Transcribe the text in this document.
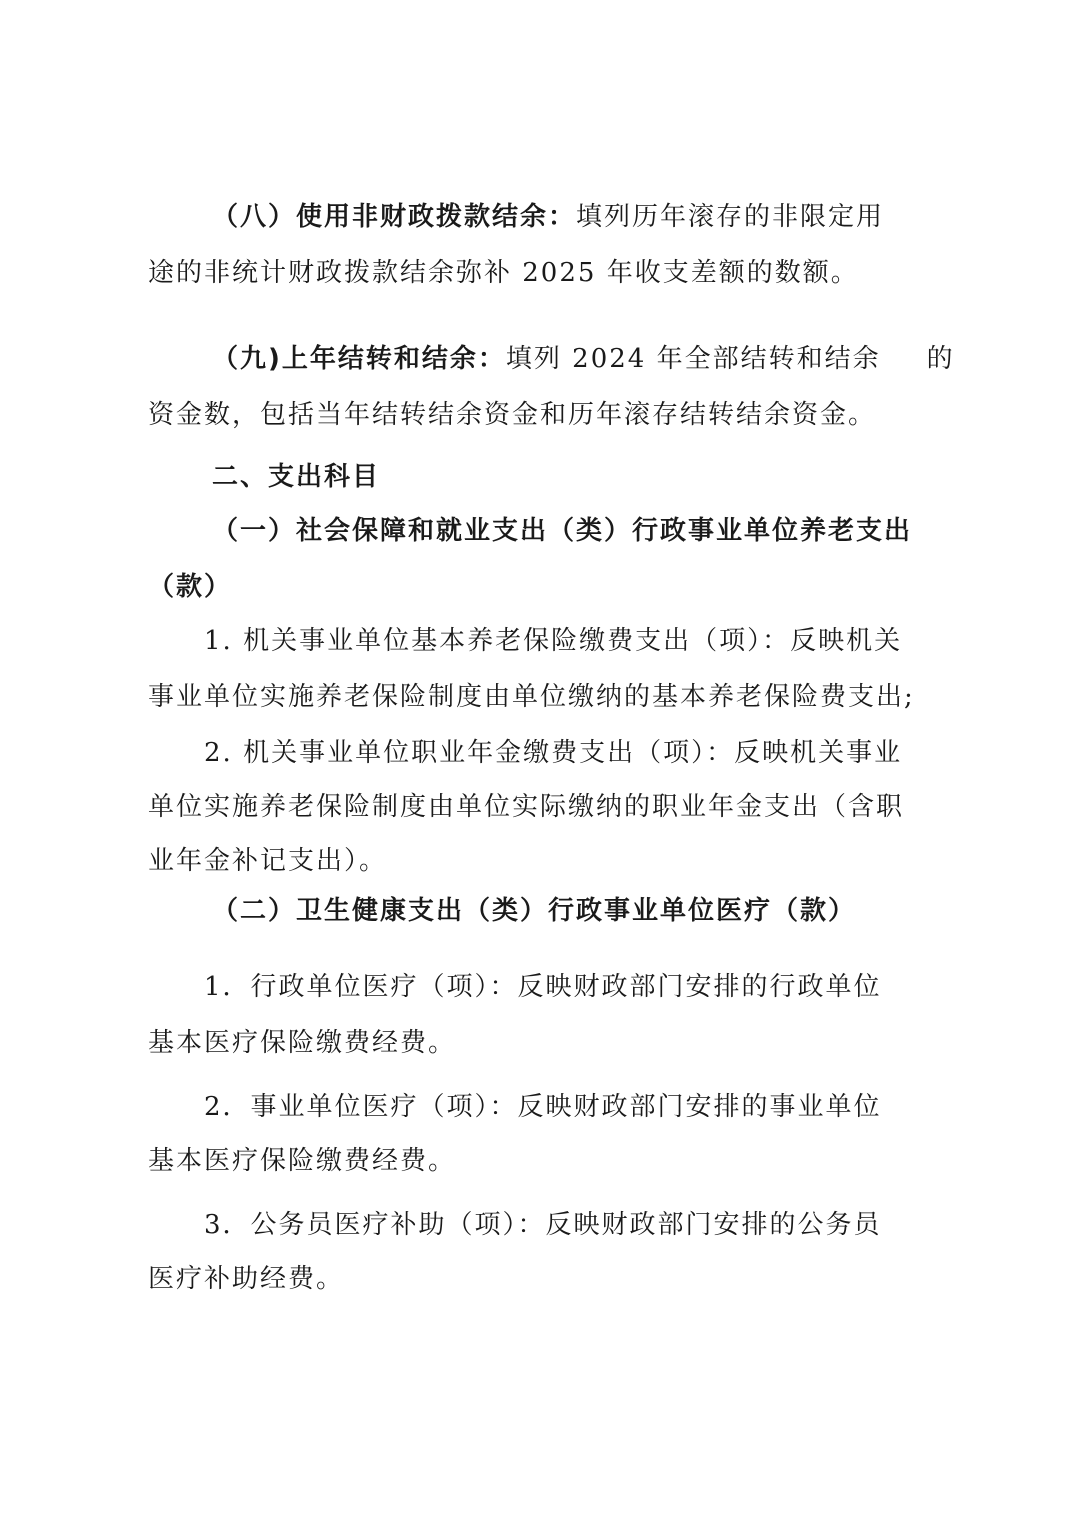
（八）使用非财政拨款结余：填列历年滚存的非限定用
途的非统计财政拨款结余弥补 2025 年收支差额的数额。
（九)上年结转和结余：填列 2024 年全部结转和结余 的
资金数，包括当年结转结余资金和历年滚存结转结余资金。
二、支出科目
（一）社会保障和就业支出（类）行政事业单位养老支出
（款）
1. 机关事业单位基本养老保险缴费支出（项）：反映机关
事业单位实施养老保险制度由单位缴纳的基本养老保险费支出;
2. 机关事业单位职业年金缴费支出（项）：反映机关事业
单位实施养老保险制度由单位实际缴纳的职业年金支出（含职
业年金补记支出）。
（二）卫生健康支出（类）行政事业单位医疗（款）
1．行政单位医疗（项）：反映财政部门安排的行政单位
基本医疗保险缴费经费。
2．事业单位医疗（项）：反映财政部门安排的事业单位
基本医疗保险缴费经费。
3．公务员医疗补助（项）：反映财政部门安排的公务员
医疗补助经费。
